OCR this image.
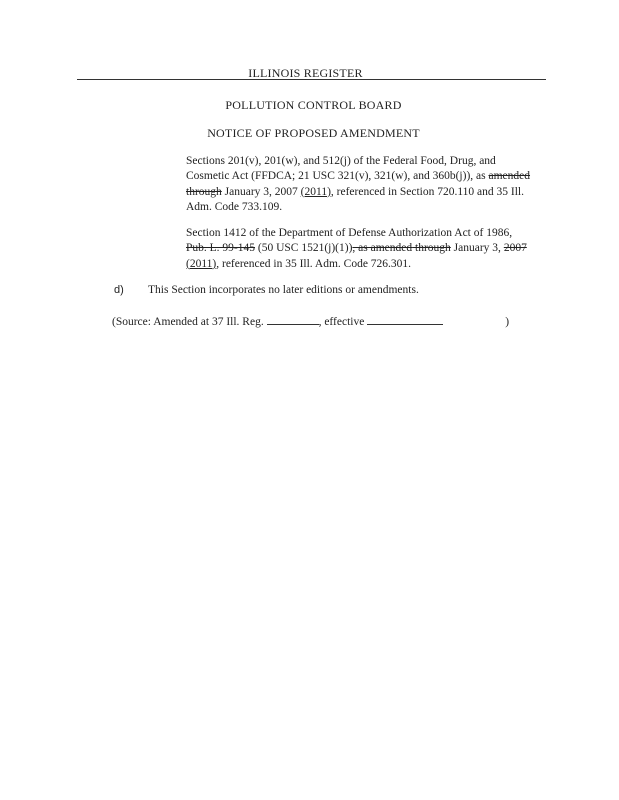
ILLINOIS REGISTER
POLLUTION CONTROL BOARD
NOTICE OF PROPOSED AMENDMENT
Sections 201(v), 201(w), and 512(j) of the Federal Food, Drug, and
Cosmetic Act (FFDCA; 21 USC 321(v), 321(w), and 360b(j)), as amended
through January 3, 2007 (2011), referenced in Section 720.110 and 35 Ill.
Adm. Code 733.109.
Section 1412 of the Department of Defense Authorization Act of 1986,
Pub. L. 99-145 (50 USC 1521(j)(1)), as amended through January 3, 2007
(2011), referenced in 35 Ill. Adm. Code 726.301.
d) This Section incorporates no later editions or amendments.
(Source: Amended at 37 Ill. Reg.	, effective	)
